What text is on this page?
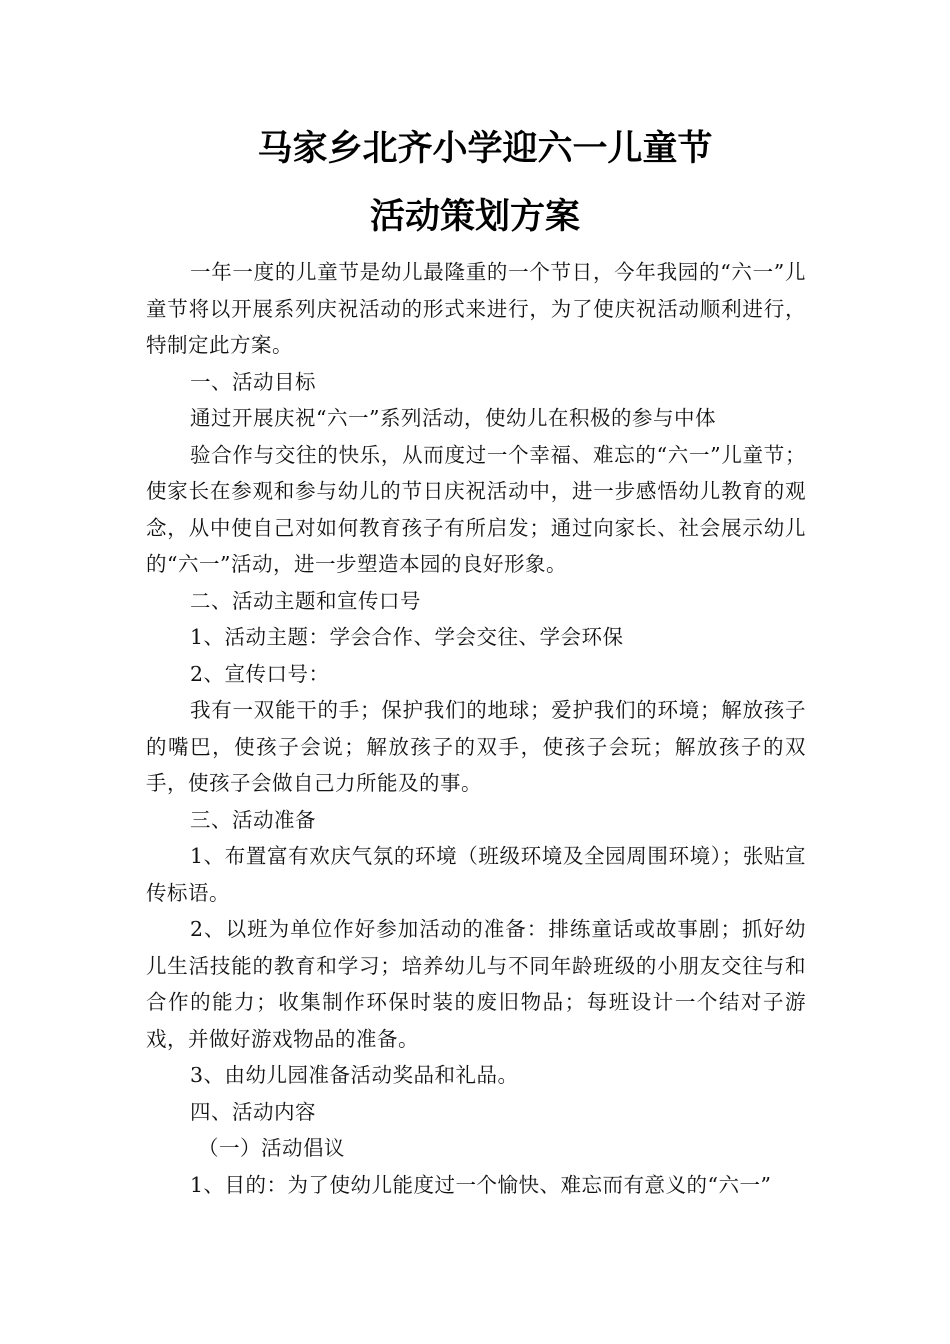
马家乡北齐小学迎六一儿童节
活动策划方案

一年一度的儿童节是幼儿最隆重的一个节日，今年我园的“六一”儿童节将以开展系列庆祝活动的形式来进行，为了使庆祝活动顺利进行，特制定此方案。

一、活动目标

通过开展庆祝“六一”系列活动，使幼儿在积极的参与中体

验合作与交往的快乐，从而度过一个幸福、难忘的“六一”儿童节；使家长在参观和参与幼儿的节日庆祝活动中，进一步感悟幼儿教育的观念，从中使自己对如何教育孩子有所启发；通过向家长、社会展示幼儿的“六一”活动，进一步塑造本园的良好形象。

二、活动主题和宣传口号

1、活动主题：学会合作、学会交往、学会环保

2、宣传口号：

我有一双能干的手；保护我们的地球；爱护我们的环境；解放孩子的嘴巴，使孩子会说；解放孩子的双手，使孩子会玩；解放孩子的双手，使孩子会做自己力所能及的事。

三、活动准备

1、布置富有欢庆气氛的环境（班级环境及全园周围环境）；张贴宣传标语。

2、以班为单位作好参加活动的准备：排练童话或故事剧；抓好幼儿生活技能的教育和学习；培养幼儿与不同年龄班级的小朋友交往与和合作的能力；收集制作环保时装的废旧物品；每班设计一个结对子游戏，并做好游戏物品的准备。

3、由幼儿园准备活动奖品和礼品。

四、活动内容

（一）活动倡议

1、目的：为了使幼儿能度过一个愉快、难忘而有意义的“六一”
